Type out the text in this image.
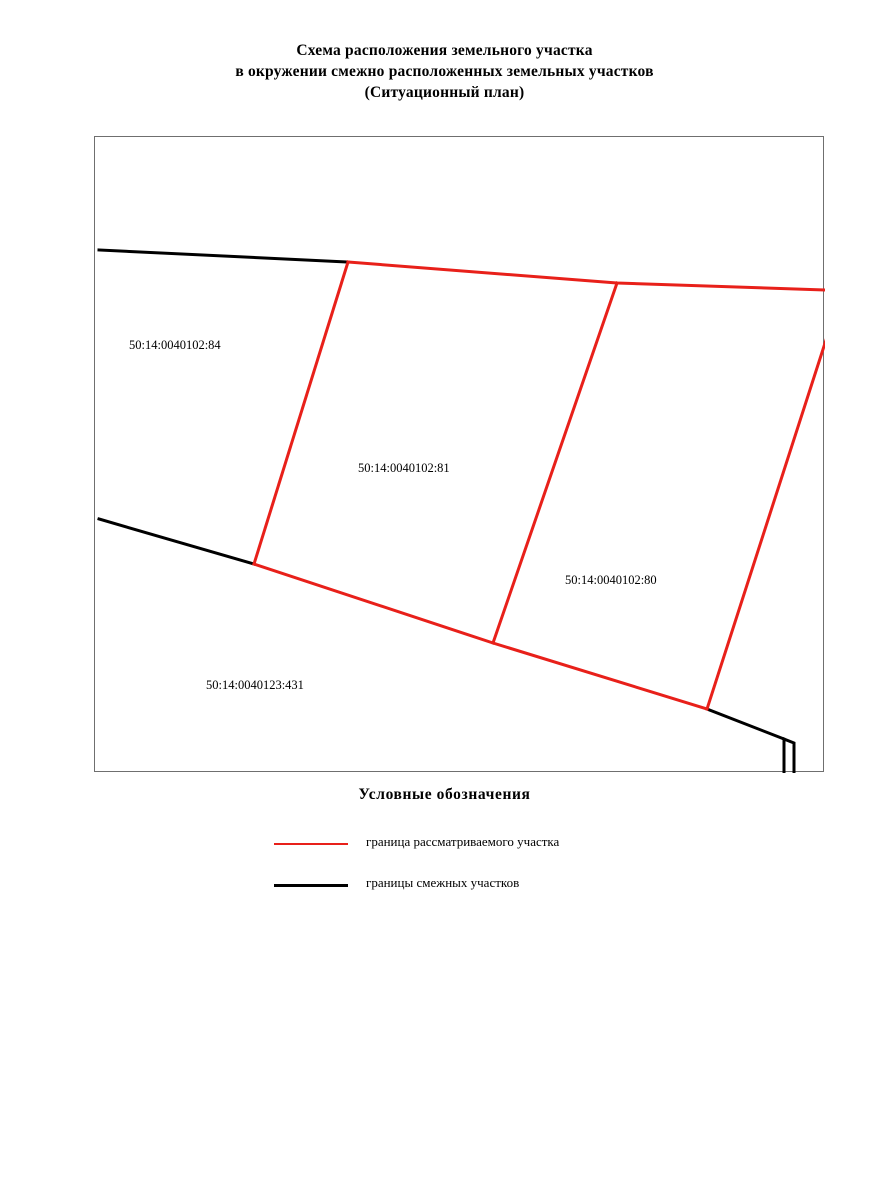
Схема расположения земельного участка
в окружении смежно расположенных земельных участков
(Ситуационный план)
50:14:0040102:84
50:14:0040102:81
50:14:0040102:80
50:14:0040123:431
Условные обозначения
граница рассматриваемого участка
границы смежных участков
